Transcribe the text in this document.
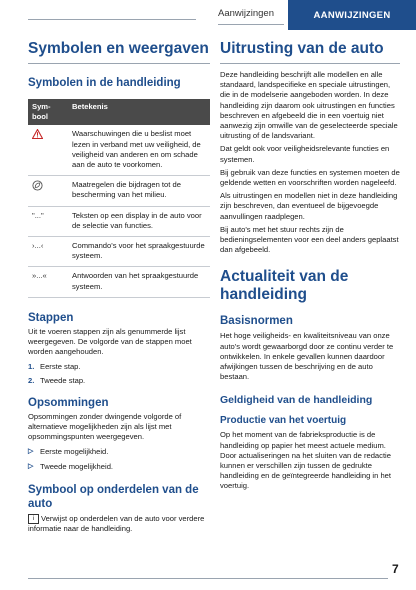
Aanwijzingen	AANWIJZINGEN
Symbolen en weergaven
Symbolen in de handleiding
Sym-
bool	Betekenis
	Waarschuwingen die u beslist moet lezen in verband met uw veiligheid, de veiligheid van anderen en om schade aan de auto te voorkomen.
	Maatregelen die bijdragen tot de bescherming van het milieu.
"..."	Teksten op een display in de auto voor de selectie van functies.
›...‹	Commando's voor het spraakgestuurde systeem.
»...«	Antwoorden van het spraakgestuurde systeem.
Stappen

Uit te voeren stappen zijn als genummerde lijst weergegeven. De volgorde van de stappen moet worden aangehouden.

1. Eerste stap.
2. Tweede stap.
Opsommingen

Opsommingen zonder dwingende volgorde of alternatieve mogelijkheden zijn als lijst met opsommingspunten weergegeven.

▷ Eerste mogelijkheid.
▷ Tweede mogelijkheid.
Symbool op onderdelen van de auto

i Verwijst op onderdelen van de auto voor verdere informatie naar de handleiding.

Uitrusting van de auto

Deze handleiding beschrijft alle modellen en alle standaard, landspecifieke en speciale uitrustingen, die in de modelserie aangeboden worden. In deze handleiding zijn daarom ook uitrustingen en functies beschreven en afgebeeld die in een voertuig niet aanwezig zijn omwille van de geselecteerde speciale uitrusting of de landsvariant.

Dat geldt ook voor veiligheidsrelevante functies en systemen.

Bij gebruik van deze functies en systemen moeten de geldende wetten en voorschriften worden nageleefd.

Als uitrustingen en modellen niet in deze handleiding zijn beschreven, dan eventueel de bijgevoegde aanvullingen raadplegen.

Bij auto's met het stuur rechts zijn de bedieningselementen voor een deel anders geplaatst dan afgebeeld.

Actualiteit van de handleiding
Basisnormen

Het hoge veiligheids- en kwaliteitsniveau van onze auto's wordt gewaarborgd door ze continu verder te ontwikkelen. In enkele gevallen kunnen daardoor afwijkingen tussen de beschrijving en de auto bestaan.

Geldigheid van de handleiding
Productie van het voertuig

Op het moment van de fabrieksproductie is de handleiding op papier het meest actuele medium. Door actualiseringen na het sluiten van de redactie kunnen er verschillen zijn tussen de gedrukte handleiding en de geïntegreerde handleiding in het voertuig.

7
